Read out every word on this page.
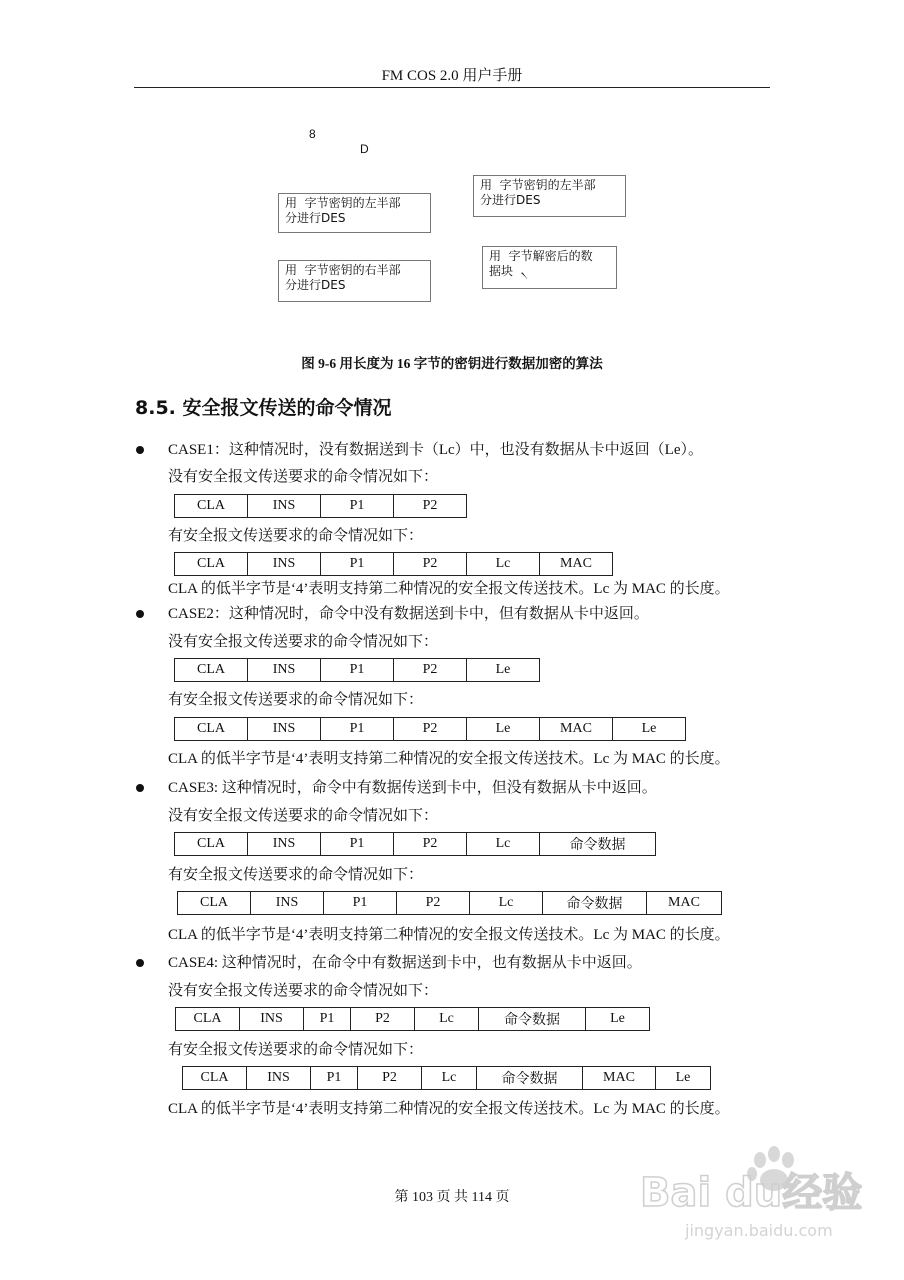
FM COS 2.0 用户手册
8
D
用  字节密钥的左半部
分进行DES
用  字节密钥的左半部
分进行DES
用  字节密钥的右半部
分进行DES
用  字节解密后的数
据块  ৲
图 9-6 用长度为 16 字节的密钥进行数据加密的算法
8.5. 安全报文传送的命令情况
CASE1：这种情况时，没有数据送到卡（Lc）中，也没有数据从卡中返回（Le）。
没有安全报文传送要求的命令情况如下：
CLA	INS	P1	P2
有安全报文传送要求的命令情况如下：
CLA	INS	P1	P2	Lc	MAC
CLA 的低半字节是‘4’表明支持第二种情况的安全报文传送技术。Lc 为 MAC 的长度。
CASE2：这种情况时，命令中没有数据送到卡中，但有数据从卡中返回。
没有安全报文传送要求的命令情况如下：
CLA	INS	P1	P2	Le
有安全报文传送要求的命令情况如下：
CLA	INS	P1	P2	Le	MAC	Le
CLA 的低半字节是‘4’表明支持第二种情况的安全报文传送技术。Lc 为 MAC 的长度。
CASE3: 这种情况时，命令中有数据传送到卡中，但没有数据从卡中返回。
没有安全报文传送要求的命令情况如下：
CLA	INS	P1	P2	Lc	命令数据
有安全报文传送要求的命令情况如下：
CLA	INS	P1	P2	Lc	命令数据	MAC
CLA 的低半字节是‘4’表明支持第二种情况的安全报文传送技术。Lc 为 MAC 的长度。
CASE4: 这种情况时，在命令中有数据送到卡中，也有数据从卡中返回。
没有安全报文传送要求的命令情况如下：
CLA	INS	P1	P2	Lc	命令数据	Le
有安全报文传送要求的命令情况如下：
CLA	INS	P1	P2	Lc	命令数据	MAC	Le
CLA 的低半字节是‘4’表明支持第二种情况的安全报文传送技术。Lc 为 MAC 的长度。
第 103 页 共 114 页	Bai du经验
jingyan.baidu.com
